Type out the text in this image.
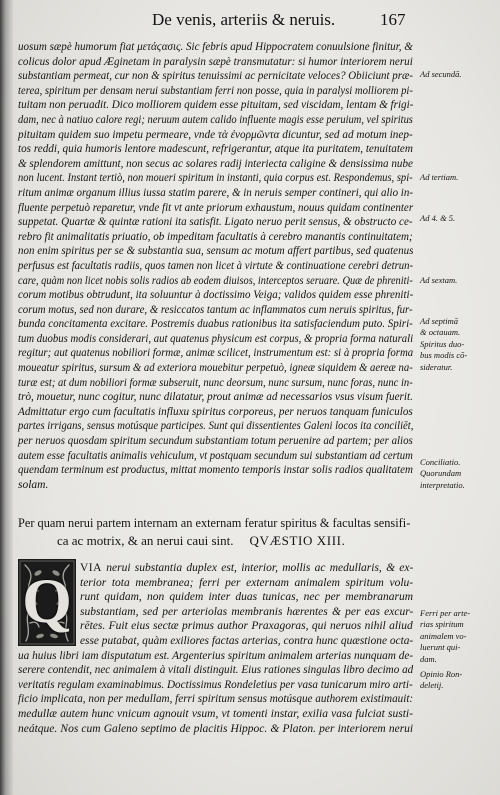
De venis, arteriis & neruis.	167
uosum sæpè humorum fiat μετάϛασις. Sic febris apud Hippocratem conuulsione finitur, &
colicus dolor apud Æginetam in paralysin sæpè transmutatur: si humor interiorem nerui
substantiam permeat, cur non & spiritus tenuissimi ac pernicitate veloces? Obiiciunt præ-
terea, spiritum per densam nerui substantiam ferri non posse, quia in paralysi molliorem pi-
tuitam non peruadit. Dico molliorem quidem esse pituitam, sed viscidam, lentam & frigi-
dam, nec à natiuo calore regi; neruum autem calido influente magis esse peruium, vel spiritus
pituitam quidem suo impetu permeare, vnde τὰ ἐνορμῶντα dicuntur, sed ad motum inep-
tos reddi, quia humoris lentore madescunt, refrigerantur, atque ita puritatem, tenuitatem
& splendorem amittunt, non secus ac solares radij interiecta caligine & densissima nube
non lucent. Instant tertiò, non moueri spiritum in instanti, quia corpus est. Respondemus, spi-
ritum animæ organum illius iussa statim parere, & in neruis semper contineri, qui alio in-
fluente perpetuò reparetur, vnde fit vt ante priorum exhaustum, nouus quidam continenter
suppetat. Quartæ & quintæ rationi ita satisfit. Ligato neruo perit sensus, & obstructo ce-
rebro fit animalitatis priuatio, ob impeditam facultatis à cerebro manantis continuitatem;
non enim spiritus per se & substantia sua, sensum ac motum affert partibus, sed quatenus
perfusus est facultatis radiis, quos tamen non licet à virtute & continuatione cerebri detrun-
care, quàm non licet nobis solis radios ab eodem diuisos, interceptos seruare. Quæ de phreniti-
corum motibus obtrudunt, ita soluuntur à doctissimo Veiga; validos quidem esse phreniti-
corum motus, sed non durare, & resiccatos tantum ac inflammatos cum neruis spiritus, fur-
bunda concitamenta excitare. Postremis duabus rationibus ita satisfaciendum puto. Spiri-
tum duobus modis considerari, aut quatenus physicum est corpus, & propria forma naturali
regitur; aut quatenus nobiliori formæ, animæ scilicet, instrumentum est: si à propria forma
moueatur spiritus, sursum & ad exteriora mouebitur perpetuò, igneæ siquidem & aereæ na-
turæ est; at dum nobiliori formæ subseruit, nunc deorsum, nunc sursum, nunc foras, nunc in-
trò, mouetur, nunc cogitur, nunc dilatatur, prout animæ ad necessarios vsus visum fuerit.
Admittatur ergo cum facultatis influxu spiritus corporeus, per neruos tanquam funiculos
partes irrigans, sensus motúsque participes. Sunt qui dissentientes Galeni locos ita conciliēt,
per neruos quosdam spiritum secundum substantiam totum peruenire ad partem; per alios
autem esse facultatis animalis vehiculum, vt postquam secundum sui substantiam ad certum
quendam terminum est productus, mittat momento temporis instar solis radios qualitatem
solam.
Per quam nerui partem internam an externam feratur spiritus & facultas sensifi-
ca ac motrix, & an nerui caui sint. QVÆSTIO XIII.
Q VIA nerui substantia duplex est, interior, mollis ac medullaris, & ex-
terior tota membranea; ferri per externam animalem spiritum volu-
runt quidam, non quidem inter duas tunicas, nec per membranarum
substantiam, sed per arteriolas membranis hærentes & per eas excur-
rētes. Fuit eius sectæ primus author Praxagoras, qui neruos nihil aliud
esse putabat, quàm exiliores factas arterias, contra hunc quæstione octa-
ua huius libri iam disputatum est. Argenterius spiritum animalem arterias nunquam de-
serere contendit, nec animalem à vitali distinguit. Eius rationes singulas libro decimo ad
veritatis regulam examinabimus. Doctissimus Rondeletius per vasa tunicarum miro arti-
ficio implicata, non per medullam, ferri spiritum sensus motúsque authorem existimauit:
medullæ autem hunc vnicum agnouit vsum, vt tomenti instar, exilia vasa fulciat susti-
neátque. Nos cum Galeno septimo de placitis Hippoc. & Platon. per interiorem nerui
Ad secundā.
Ad tertiam.
Ad 4. & 5.
Ad sextam.
Ad septimā
& octauam.
Spiritus duo-
bus modis cō-
sideratur.
Conciliatio.
Quorundam
interpretatio.
Ferri per arte-
rias spiritum
animalem vo-
luerunt qui-
dam.
Opinio Ron-
deletij.
